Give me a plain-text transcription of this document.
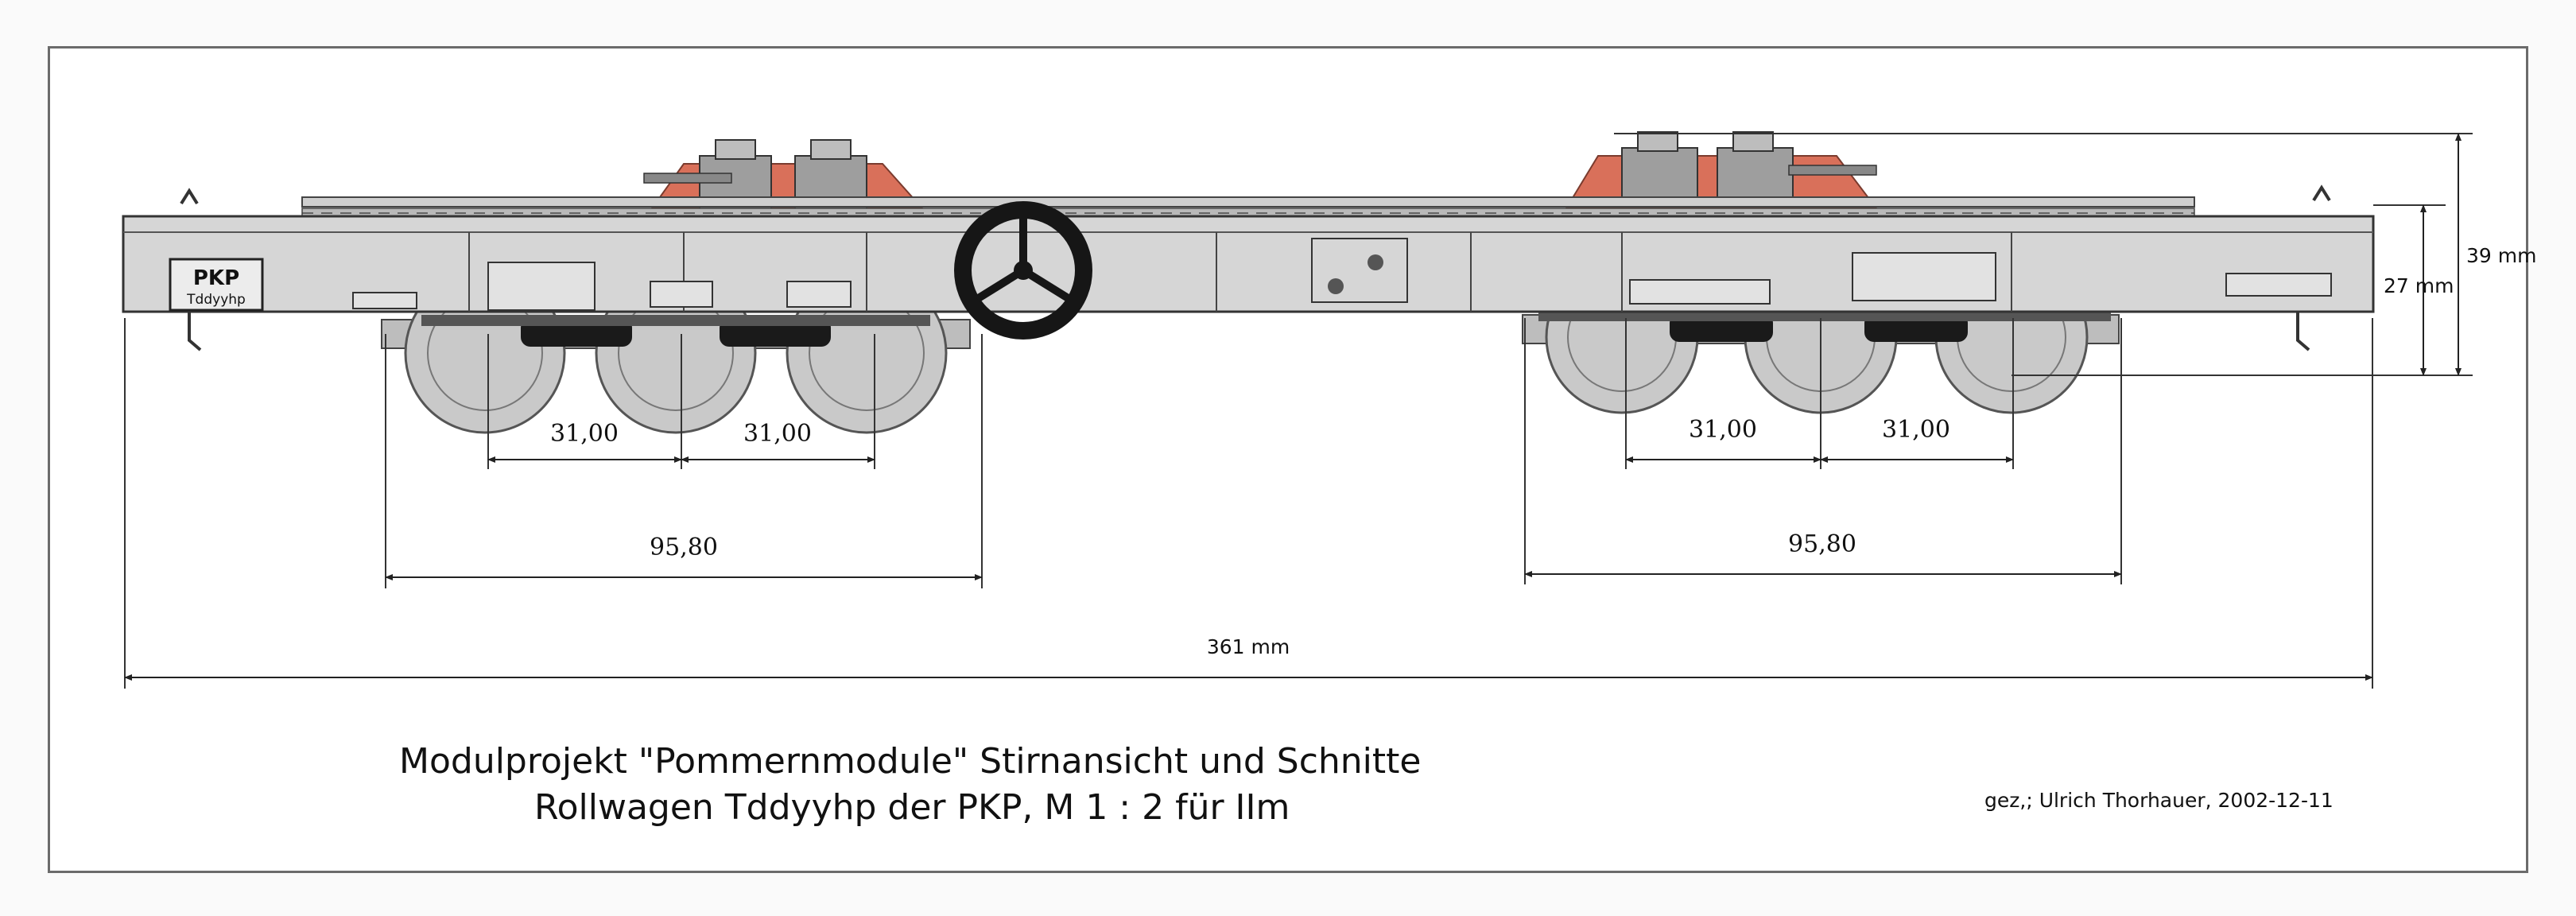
PKP
Tddyyhp
31,00	31,00
95,80
31,00	31,00
95,80
361 mm
39 mm
27 mm
Modulprojekt "Pommernmodule" Stirnansicht und Schnitte
Rollwagen Tddyyhp der PKP, M 1 : 2 für IIm	gez,; Ulrich Thorhauer, 2002-12-11
